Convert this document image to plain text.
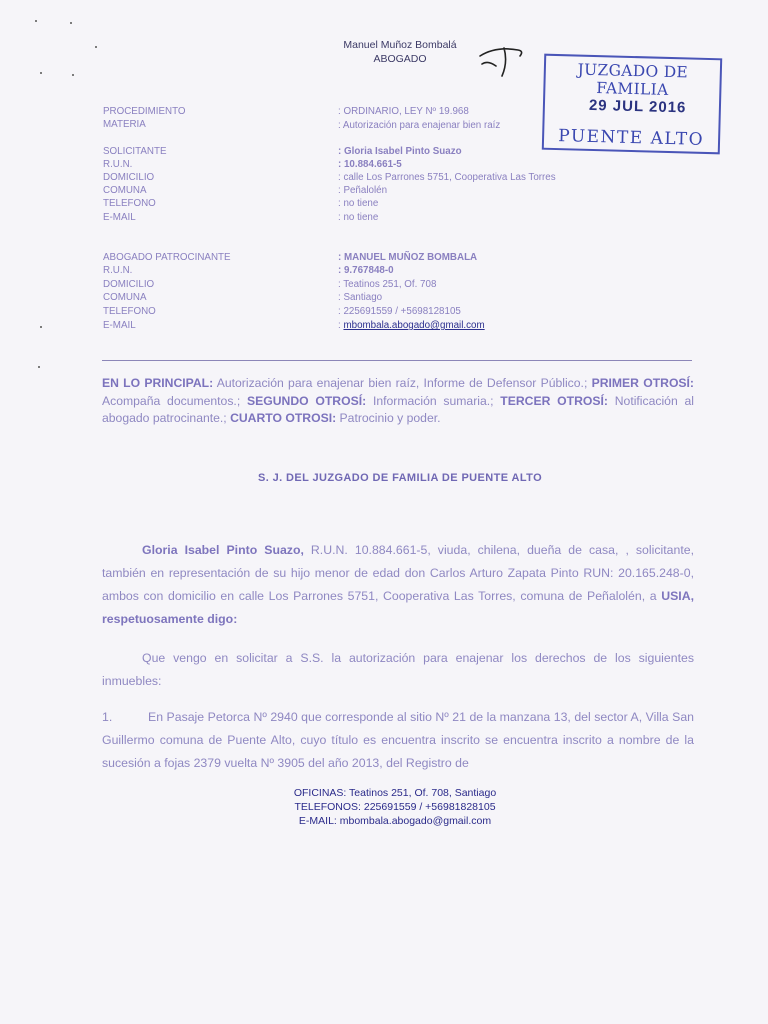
Manuel Muñoz Bombalá
ABOGADO
JUZGADO DE FAMILIA
29 JUL 2016
PUENTE ALTO
PROCEDIMIENTO	: ORDINARIO, LEY Nº 19.968
MATERIA	: Autorización para enajenar bien raíz
SOLICITANTE	: Gloria Isabel Pinto Suazo
R.U.N.	: 10.884.661-5
DOMICILIO	: calle Los Parrones 5751, Cooperativa Las Torres
COMUNA	: Peñalolén
TELEFONO	: no tiene
E-MAIL	: no tiene
ABOGADO PATROCINANTE	: MANUEL MUÑOZ BOMBALA
R.U.N.	: 9.767848-0
DOMICILIO	: Teatinos 251, Of. 708
COMUNA	: Santiago
TELEFONO	: 225691559 / +5698128105
E-MAIL	: mbombala.abogado@gmail.com
EN LO PRINCIPAL: Autorización para enajenar bien raíz, Informe de Defensor Público.; PRIMER OTROSÍ: Acompaña documentos.; SEGUNDO OTROSÍ: Información sumaria.; TERCER OTROSÍ: Notificación al abogado patrocinante.; CUARTO OTROSI: Patrocinio y poder.
S. J. DEL JUZGADO DE FAMILIA DE PUENTE ALTO
Gloria Isabel Pinto Suazo, R.U.N. 10.884.661-5, viuda, chilena, dueña de casa, , solicitante, también en representación de su hijo menor de edad don Carlos Arturo Zapata Pinto RUN: 20.165.248-0, ambos con domicilio en calle Los Parrones 5751, Cooperativa Las Torres, comuna de Peñalolén, a USIA, respetuosamente digo:
Que vengo en solicitar a S.S. la autorización para enajenar los derechos de los siguientes inmuebles:
1.	En Pasaje Petorca Nº 2940 que corresponde al sitio Nº 21 de la manzana 13, del sector A, Villa San Guillermo comuna de Puente Alto, cuyo título es encuentra inscrito se encuentra inscrito a nombre de la sucesión a fojas 2379 vuelta Nº 3905 del año 2013, del Registro de
OFICINAS: Teatinos 251, Of. 708, Santiago
TELEFONOS: 225691559 / +56981828105
E-MAIL: mbombala.abogado@gmail.com
